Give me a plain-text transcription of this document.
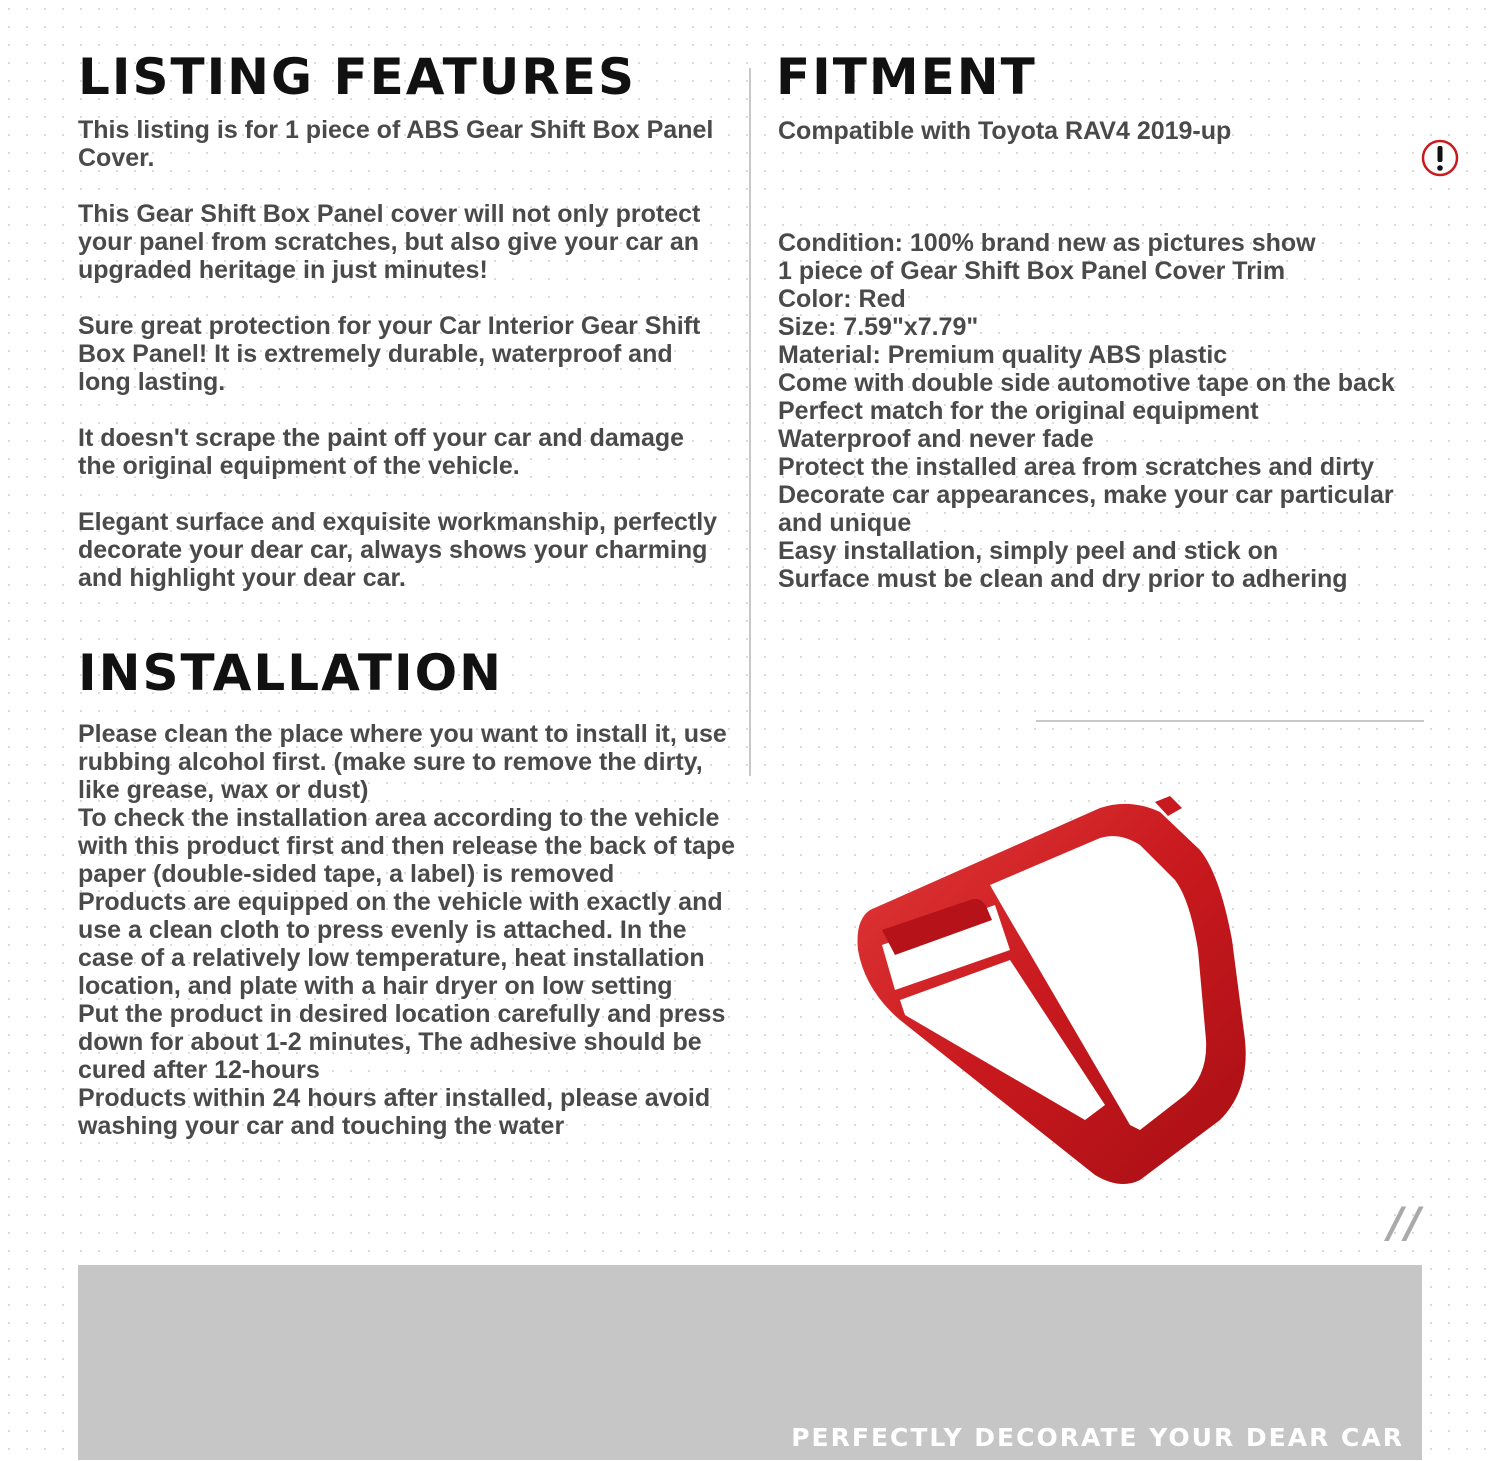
LISTING FEATURES

This listing is for 1 piece of ABS Gear Shift Box Panel Cover.

This Gear Shift Box Panel cover will not only protect your panel from scratches, but also give your car an upgraded heritage in just minutes!

Sure great protection for your Car Interior Gear Shift Box Panel! It is extremely durable, waterproof and long lasting.

It doesn't scrape the paint off your car and damage the original equipment of the vehicle.

Elegant surface and exquisite workmanship, perfectly decorate your dear car, always shows your charming and highlight your dear car.

FITMENT
Compatible with Toyota RAV4 2019-up
Condition: 100% brand new as pictures show
1 piece of Gear Shift Box Panel Cover Trim
Color: Red
Size: 7.59"x7.79"
Material: Premium quality ABS plastic
Come with double side automotive tape on the back
Perfect match for the original equipment
Waterproof and never fade
Protect the installed area from scratches and dirty
Decorate car appearances, make your car particular and unique
Easy installation, simply peel and stick on
Surface must be clean and dry prior to adhering
INSTALLATION
Please clean the place where you want to install it, use rubbing alcohol first. (make sure to remove the dirty, like grease, wax or dust)
To check the installation area according to the vehicle with this product first and then release the back of tape paper (double-sided tape, a label) is removed
Products are equipped on the vehicle with exactly and use a clean cloth to press evenly is attached. In the case of a relatively low temperature, heat installation location, and plate with a hair dryer on low setting
Put the product in desired location carefully and press down for about 1-2 minutes, The adhesive should be cured after 12-hours
Products within 24 hours after installed, please avoid washing your car and touching the water
//
PERFECTLY DECORATE YOUR DEAR CAR
